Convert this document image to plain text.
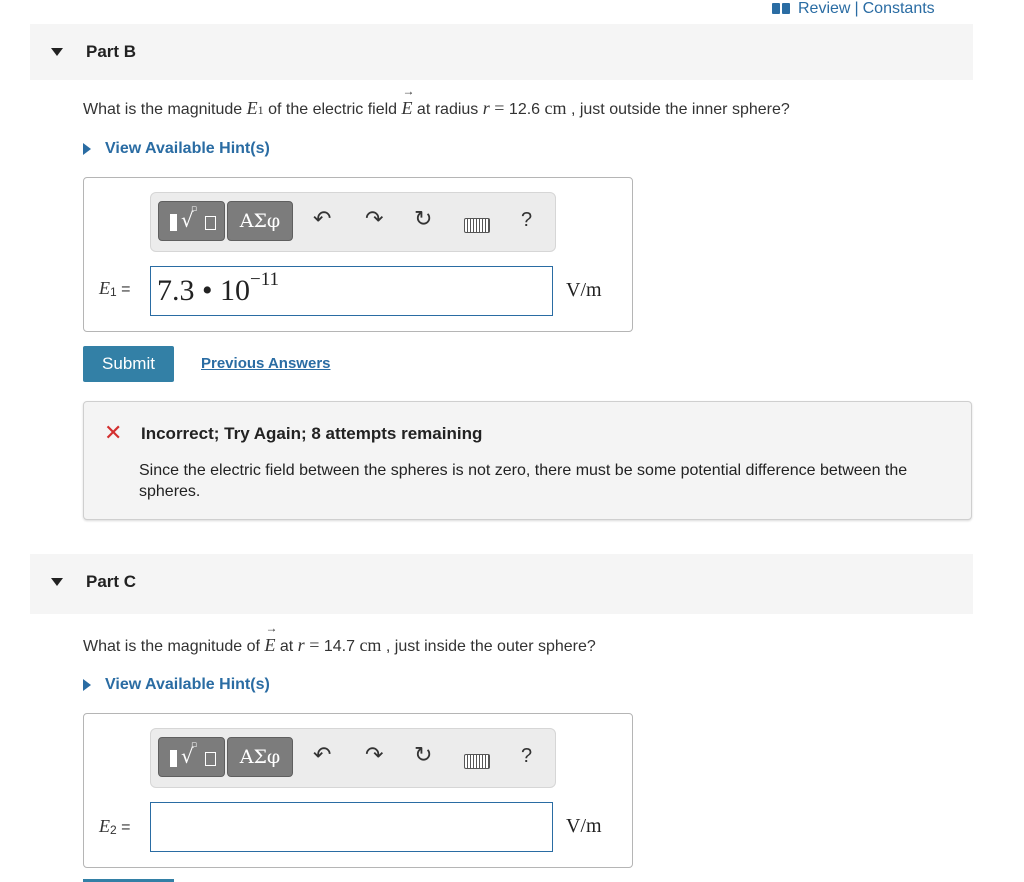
Review | Constants
Part B
What is the magnitude E1 of the electric field → E at radius r = 12.6 cm , just outside the inner sphere?
View Available Hint(s)
▫
√	ΑΣφ	↶ ↷ ↻	?
E1 = 7.3 • $10^{-11}$	V/m
Submit	Previous Answers
✕ Incorrect; Try Again; 8 attempts remaining
Since the electric field between the spheres is not zero, there must be some potential difference between the spheres.
Part C
What is the magnitude of → E at r = 14.7 cm , just inside the outer sphere?
View Available Hint(s)
▫
√	ΑΣφ	↶ ↷ ↻	?
E2 =	V/m
